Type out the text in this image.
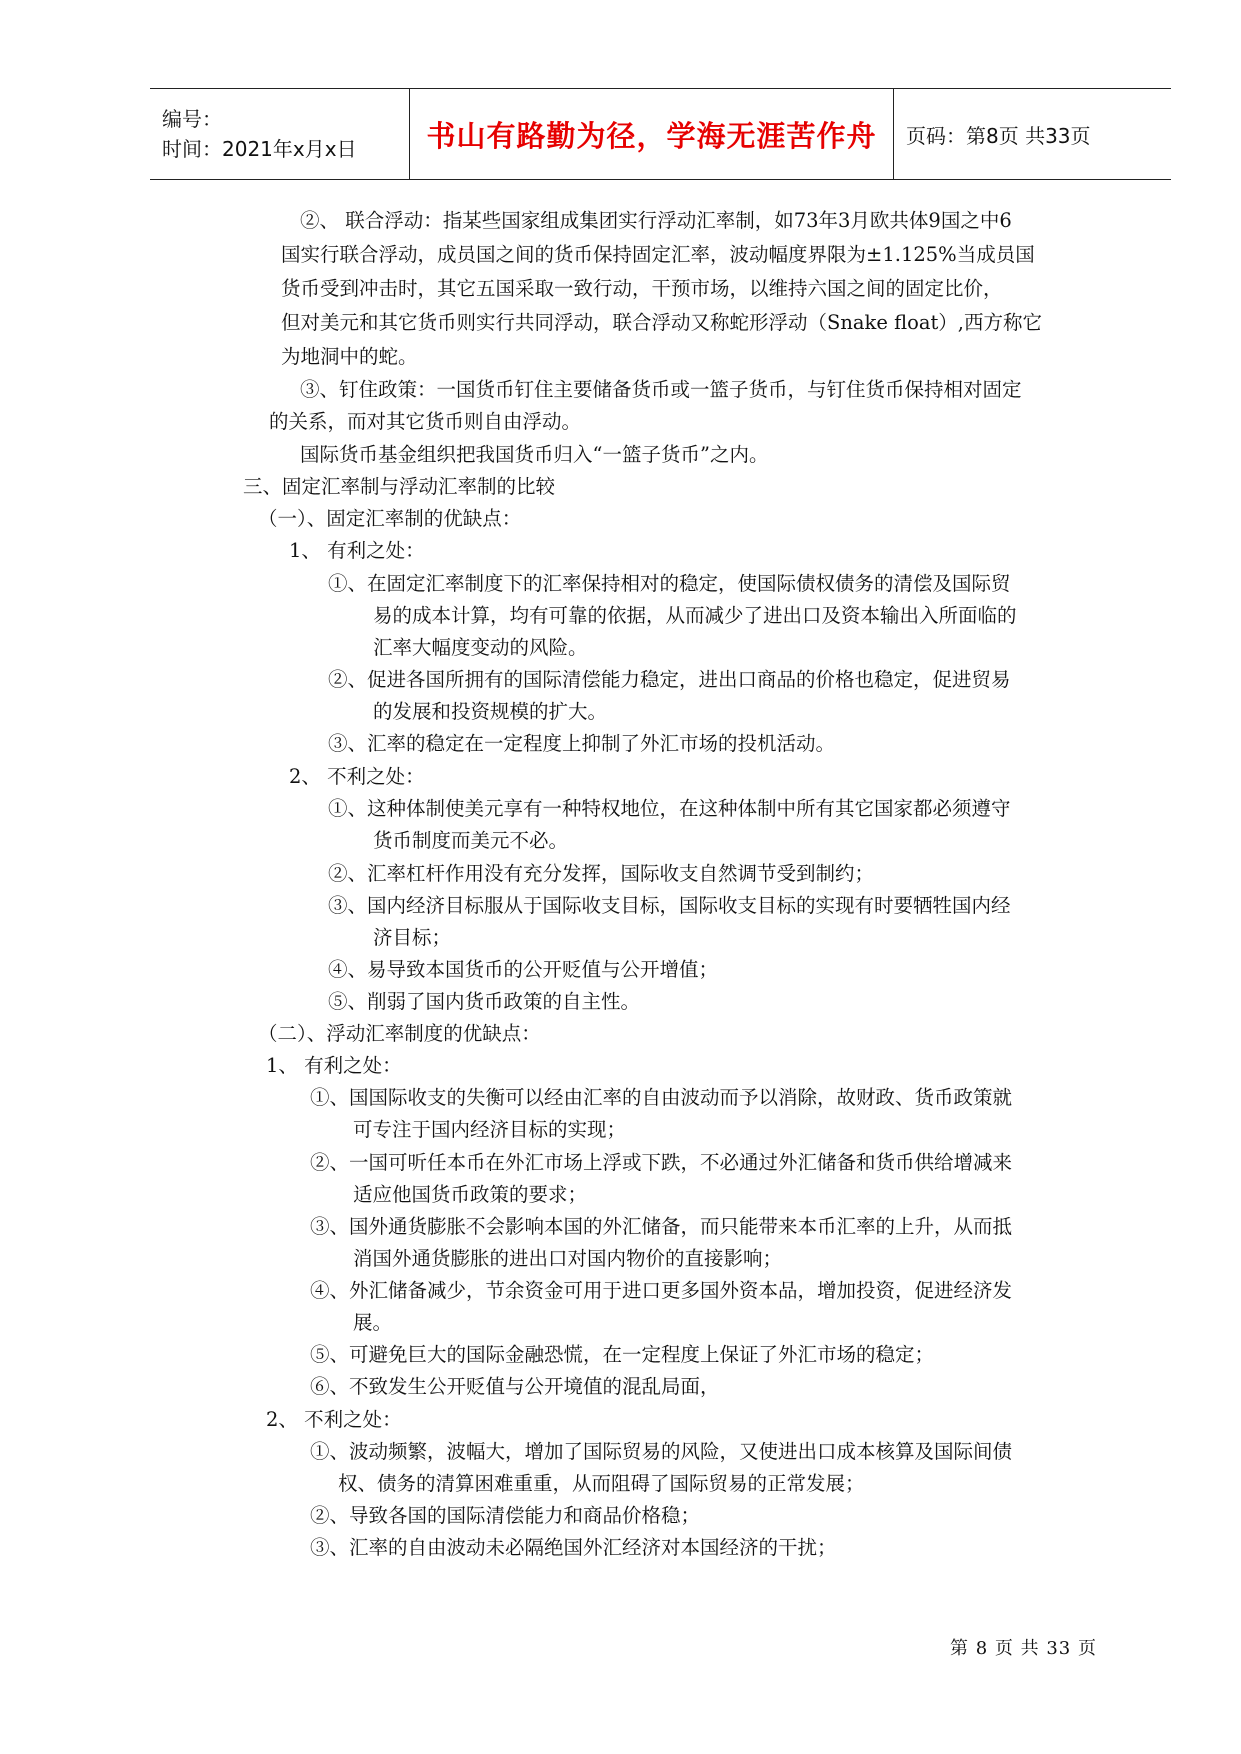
编号：
时间：2021年x月x日	书山有路勤为径，学海无涯苦作舟	页码：第8页 共33页
②、 联合浮动：指某些国家组成集团实行浮动汇率制，如73年3月欧共体9国之中6
国实行联合浮动，成员国之间的货币保持固定汇率，波动幅度界限为±1.125%当成员国
货币受到冲击时，其它五国采取一致行动，干预市场，以维持六国之间的固定比价，
但对美元和其它货币则实行共同浮动，联合浮动又称蛇形浮动（Snake float）,西方称它
为地洞中的蛇。
③、钉住政策：一国货币钉住主要储备货币或一篮子货币，与钉住货币保持相对固定
的关系，而对其它货币则自由浮动。
国际货币基金组织把我国货币归入“一篮子货币”之内。
三、固定汇率制与浮动汇率制的比较
（一）、固定汇率制的优缺点：
1、 有利之处：
①、在固定汇率制度下的汇率保持相对的稳定，使国际债权债务的清偿及国际贸
易的成本计算，均有可靠的依据，从而减少了进出口及资本输出入所面临的
汇率大幅度变动的风险。
②、促进各国所拥有的国际清偿能力稳定，进出口商品的价格也稳定，促进贸易
的发展和投资规模的扩大。
③、汇率的稳定在一定程度上抑制了外汇市场的投机活动。
2、 不利之处：
①、这种体制使美元享有一种特权地位，在这种体制中所有其它国家都必须遵守
货币制度而美元不必。
②、汇率杠杆作用没有充分发挥，国际收支自然调节受到制约；
③、国内经济目标服从于国际收支目标，国际收支目标的实现有时要牺牲国内经
济目标；
④、易导致本国货币的公开贬值与公开增值；
⑤、削弱了国内货币政策的自主性。
（二）、浮动汇率制度的优缺点：
1、 有利之处：
①、国国际收支的失衡可以经由汇率的自由波动而予以消除，故财政、货币政策就
可专注于国内经济目标的实现；
②、一国可听任本币在外汇市场上浮或下跌，不必通过外汇储备和货币供给增减来
适应他国货币政策的要求；
③、国外通货膨胀不会影响本国的外汇储备，而只能带来本币汇率的上升，从而抵
消国外通货膨胀的进出口对国内物价的直接影响；
④、外汇储备减少，节余资金可用于进口更多国外资本品，增加投资，促进经济发
展。
⑤、可避免巨大的国际金融恐慌，在一定程度上保证了外汇市场的稳定；
⑥、不致发生公开贬值与公开境值的混乱局面，
2、 不利之处：
①、波动频繁，波幅大，增加了国际贸易的风险，又使进出口成本核算及国际间债
权、债务的清算困难重重，从而阻碍了国际贸易的正常发展；
②、导致各国的国际清偿能力和商品价格稳；
③、汇率的自由波动未必隔绝国外汇经济对本国经济的干扰；
第 8 页 共 33 页
